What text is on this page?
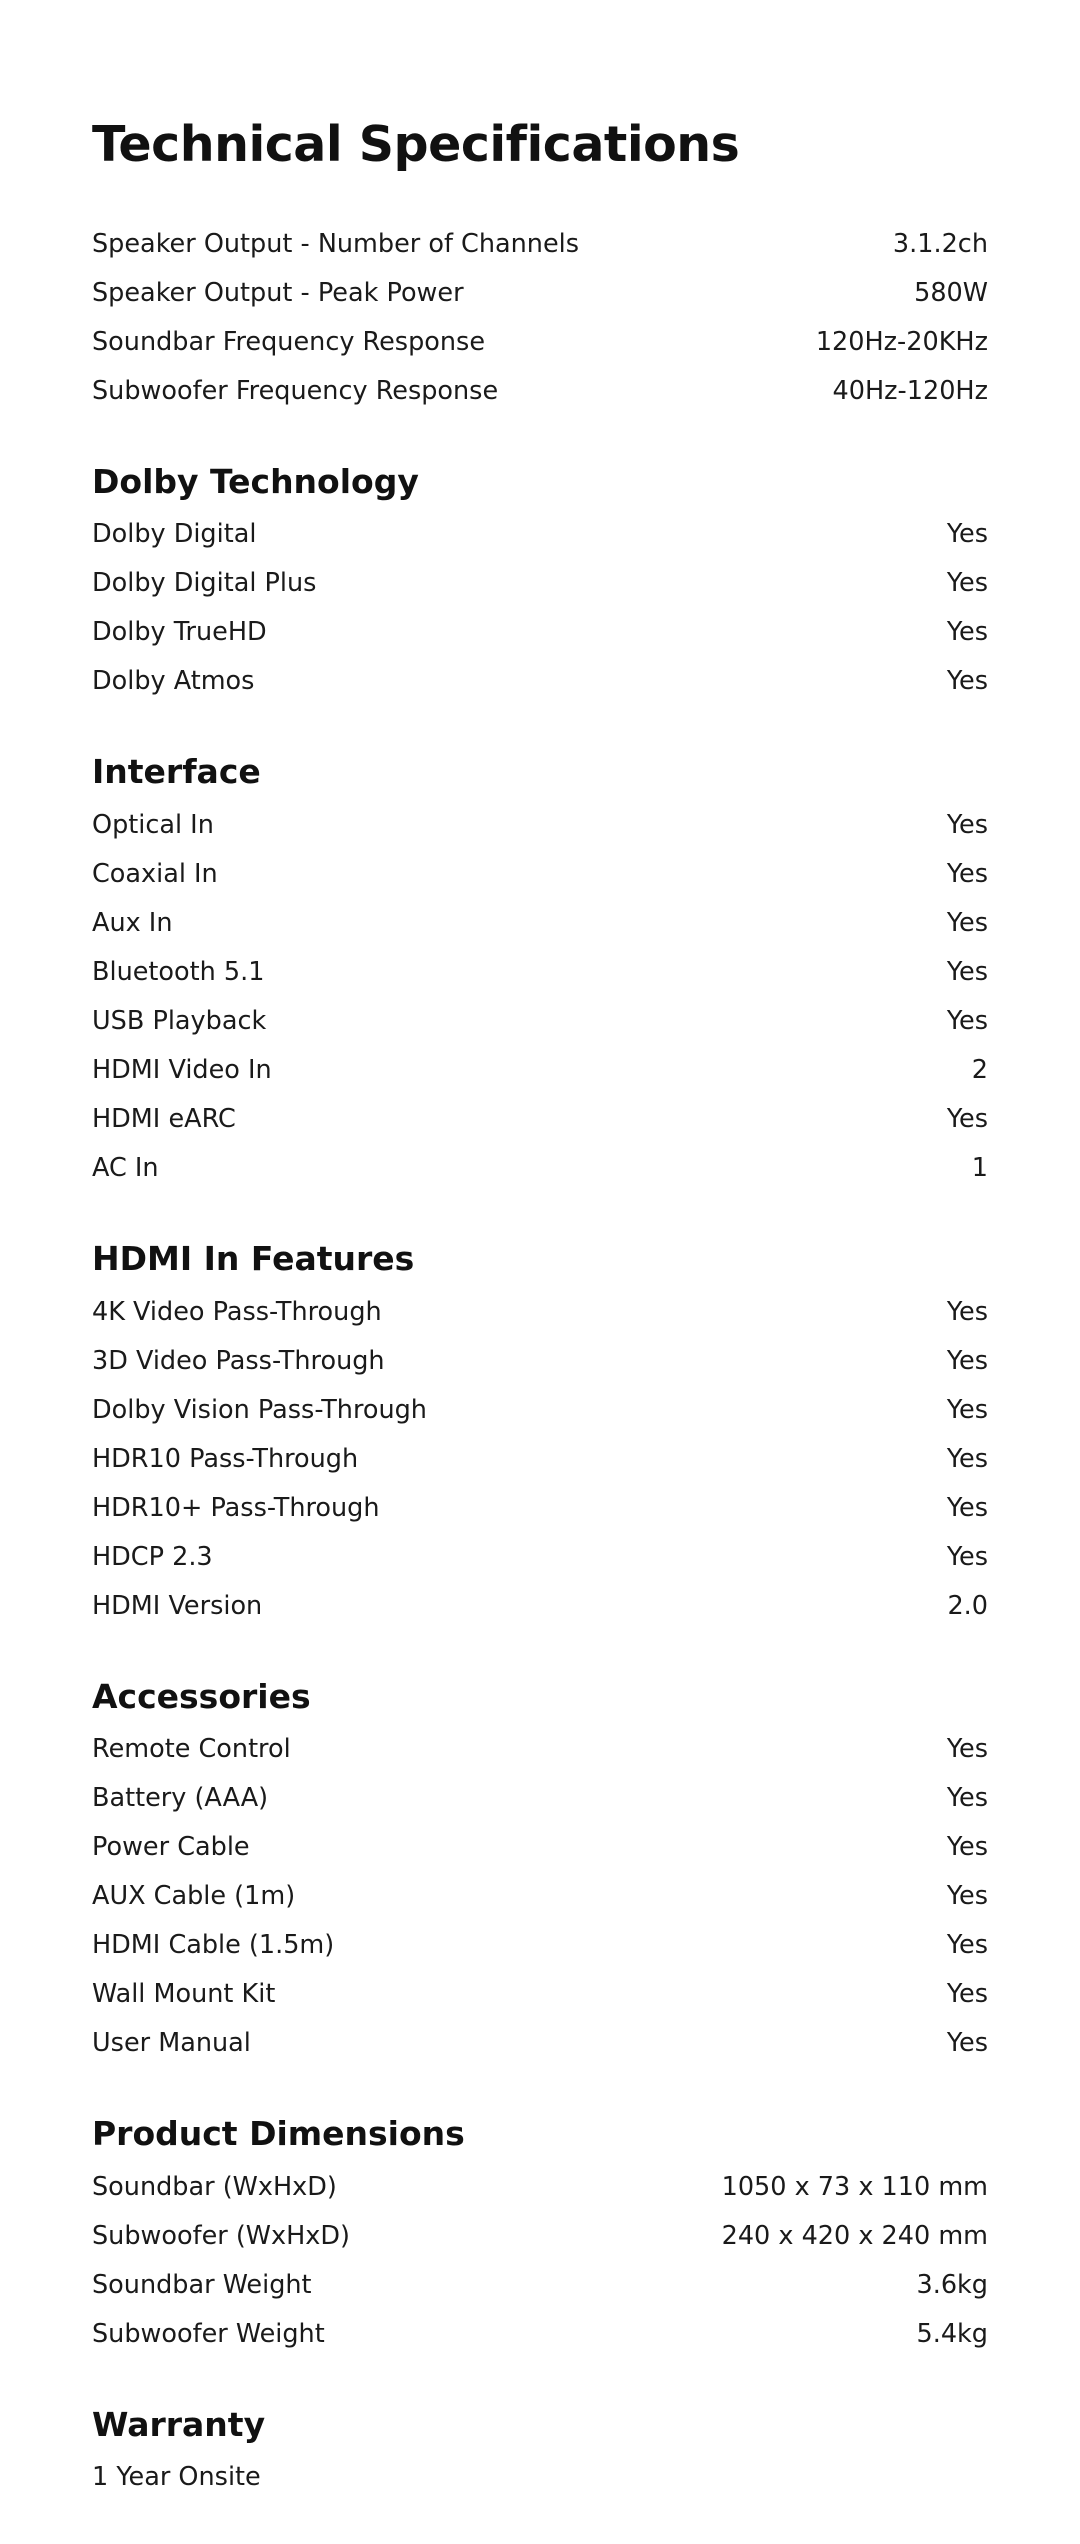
Technical Specifications
Speaker Output - Number of Channels	3.1.2ch
Speaker Output - Peak Power	580W
Soundbar Frequency Response	120Hz-20KHz
Subwoofer Frequency Response	40Hz-120Hz
Dolby Technology
Dolby Digital	Yes
Dolby Digital Plus	Yes
Dolby TrueHD	Yes
Dolby Atmos	Yes
Interface
Optical In	Yes
Coaxial In	Yes
Aux In	Yes
Bluetooth 5.1	Yes
USB Playback	Yes
HDMI Video In	2
HDMI eARC	Yes
AC In	1
HDMI In Features
4K Video Pass-Through	Yes
3D Video Pass-Through	Yes
Dolby Vision Pass-Through	Yes
HDR10 Pass-Through	Yes
HDR10+ Pass-Through	Yes
HDCP 2.3	Yes
HDMI Version	2.0
Accessories
Remote Control	Yes
Battery (AAA)	Yes
Power Cable	Yes
AUX Cable (1m)	Yes
HDMI Cable (1.5m)	Yes
Wall Mount Kit	Yes
User Manual	Yes
Product Dimensions
Soundbar (WxHxD)	1050 x 73 x 110 mm
Subwoofer (WxHxD)	240 x 420 x 240 mm
Soundbar Weight	3.6kg
Subwoofer Weight	5.4kg
Warranty
1 Year Onsite
